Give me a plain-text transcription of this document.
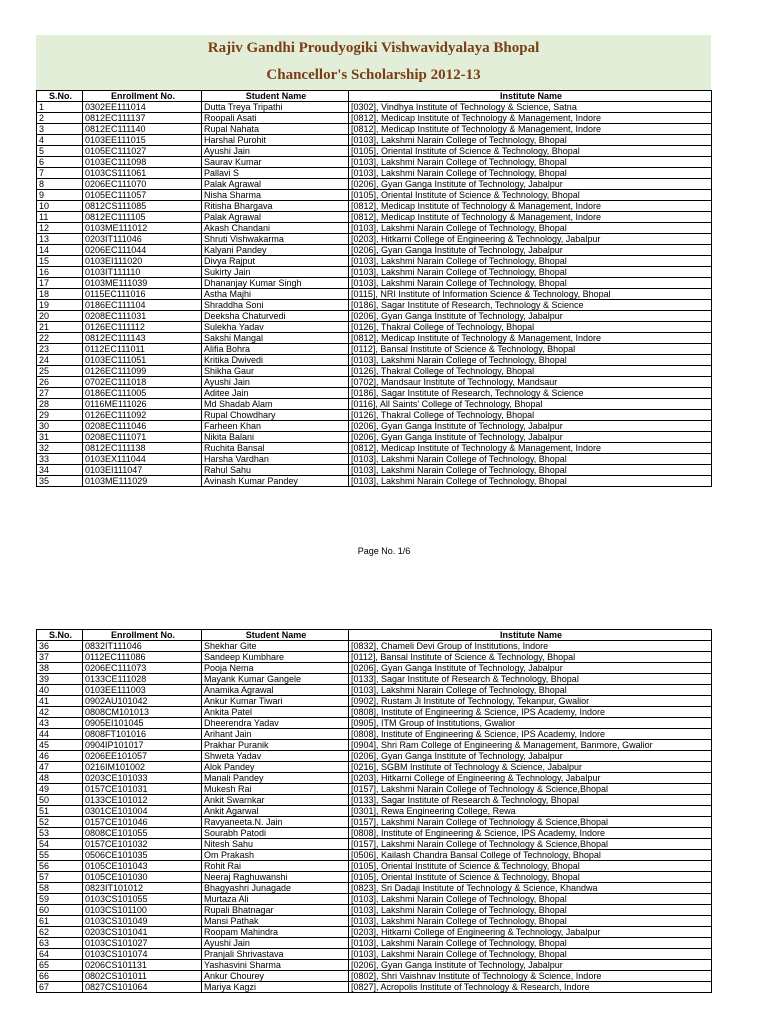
Rajiv Gandhi Proudyogiki Vishwavidyalaya Bhopal
Chancellor's Scholarship 2012-13
S.No.	Enrollment No.	Student Name	Institute Name
1	0302EE111014	Dutta Treya Tripathi	[0302], Vindhya Institute of Technology & Science, Satna
2	0812EC111137	Roopali Asati	[0812], Medicap Institute of Technology & Management, Indore
3	0812EC111140	Rupal Nahata	[0812], Medicap Institute of Technology & Management, Indore
4	0103EE111015	Harshal Purohit	[0103], Lakshmi Narain College of Technology, Bhopal
5	0105EC111027	Ayushi Jain	[0105], Oriental Institute of Science & Technology, Bhopal
6	0103EC111098	Saurav Kumar	[0103], Lakshmi Narain College of Technology, Bhopal
7	0103CS111061	Pallavi S	[0103], Lakshmi Narain College of Technology, Bhopal
8	0206EC111070	Palak Agrawal	[0206], Gyan Ganga Institute of Technology, Jabalpur
9	0105EC111057	Nisha Sharma	[0105], Oriental Institute of Science & Technology, Bhopal
10	0812CS111085	Ritisha Bhargava	[0812], Medicap Institute of Technology & Management, Indore
11	0812EC111105	Palak Agrawal	[0812], Medicap Institute of Technology & Management, Indore
12	0103ME111012	Akash Chandani	[0103], Lakshmi Narain College of Technology, Bhopal
13	0203IT111046	Shruti Vishwakarma	[0203], Hitkarni College of Engineering & Technology, Jabalpur
14	0206EC111044	Kalyani Pandey	[0206], Gyan Ganga Institute of Technology, Jabalpur
15	0103EI111020	Divya Rajput	[0103], Lakshmi Narain College of Technology, Bhopal
16	0103IT111110	Sukirty Jain	[0103], Lakshmi Narain College of Technology, Bhopal
17	0103ME111039	Dhananjay Kumar Singh	[0103], Lakshmi Narain College of Technology, Bhopal
18	0115EC111016	Astha Majhi	[0115], NRI Institute of Information Science & Technology, Bhopal
19	0186EC111104	Shraddha Soni	[0186], Sagar Institute of Research, Technology & Science
20	0208EC111031	Deeksha Chaturvedi	[0206], Gyan Ganga Institute of Technology, Jabalpur
21	0126EC111112	Sulekha Yadav	[0126], Thakral College of Technology, Bhopal
22	0812EC111143	Sakshi Mangal	[0812], Medicap Institute of Technology & Management, Indore
23	0112EC111011	Alifia Bohra	[0112], Bansal Institute of Science & Technology, Bhopal
24	0103EC111051	Kritika Dwivedi	[0103], Lakshmi Narain College of Technology, Bhopal
25	0126EC111099	Shikha Gaur	[0126], Thakral College of Technology, Bhopal
26	0702EC111018	Ayushi Jain	[0702], Mandsaur Institute of Technology, Mandsaur
27	0186EC111005	Aditee Jain	[0186], Sagar Institute of Research, Technology & Science
28	0116ME111026	Md Shadab Alam	[0116], All Saints' College of Technology, Bhopal
29	0126EC111092	Rupal Chowdhary	[0126], Thakral College of Technology, Bhopal
30	0208EC111046	Farheen Khan	[0206], Gyan Ganga Institute of Technology, Jabalpur
31	0208EC111071	Nikita Balani	[0206], Gyan Ganga Institute of Technology, Jabalpur
32	0812EC111138	Ruchita Bansal	[0812], Medicap Institute of Technology & Management, Indore
33	0103EX111044	Harsha Vardhan	[0103], Lakshmi Narain College of Technology, Bhopal
34	0103EI111047	Rahul Sahu	[0103], Lakshmi Narain College of Technology, Bhopal
35	0103ME111029	Avinash Kumar Pandey	[0103], Lakshmi Narain College of Technology, Bhopal
Page No. 1/6
S.No.	Enrollment No.	Student Name	Institute Name
36	0832IT111046	Shekhar Gite	[0832], Chameli Devi Group of Institutions, Indore
37	0112EC111086	Sandeep Kumbhare	[0112], Bansal Institute of Science & Technology, Bhopal
38	0206EC111073	Pooja Nema	[0206], Gyan Ganga Institute of Technology, Jabalpur
39	0133CE111028	Mayank Kumar Gangele	[0133], Sagar Institute of Research & Technology, Bhopal
40	0103EE111003	Anamika Agrawal	[0103], Lakshmi Narain College of Technology, Bhopal
41	0902AU101042	Ankur Kumar Tiwari	[0902], Rustam Ji Institute of Technology, Tekanpur, Gwalior
42	0808CM101013	Ankita Patel	[0808], Institute of Engineering & Science, IPS Academy, Indore
43	0905EI101045	Dheerendra Yadav	[0905], ITM Group of Institutions, Gwalior
44	0808FT101016	Arihant Jain	[0808], Institute of Engineering & Science, IPS Academy, Indore
45	0904IP101017	Prakhar Puranik	[0904], Shri Ram College of Engineering & Management, Banmore, Gwalior
46	0206EE101057	Shweta Yadav	[0206], Gyan Ganga Institute of Technology, Jabalpur
47	0216IM101002	Alok Pandey	[0216], SGBM Institute of Technology & Science, Jabalpur
48	0203CE101033	Manali Pandey	[0203], Hitkarni College of Engineering & Technology, Jabalpur
49	0157CE101031	Mukesh Rai	[0157], Lakshmi Narain College of Technology & Science,Bhopal
50	0133CE101012	Ankit Swarnkar	[0133], Sagar Institute of Research & Technology, Bhopal
51	0301CE101004	Ankit Agarwal	[0301], Rewa Engineering College, Rewa
52	0157CE101046	Ravyaneeta.N. Jain	[0157], Lakshmi Narain College of Technology & Science,Bhopal
53	0808CE101055	Sourabh Patodi	[0808], Institute of Engineering & Science, IPS Academy, Indore
54	0157CE101032	Nitesh Sahu	[0157], Lakshmi Narain College of Technology & Science,Bhopal
55	0506CE101035	Om Prakash	[0506], Kailash Chandra Bansal College of Technology, Bhopal
56	0105CE101043	Rohit Rai	[0105], Oriental Institute of Science & Technology, Bhopal
57	0105CE101030	Neeraj Raghuwanshi	[0105], Oriental Institute of Science & Technology, Bhopal
58	0823IT101012	Bhagyashri Junagade	[0823], Sri Dadaji Institute of Technology & Science, Khandwa
59	0103CS101055	Murtaza Ali	[0103], Lakshmi Narain College of Technology, Bhopal
60	0103CS101100	Rupali Bhatnagar	[0103], Lakshmi Narain College of Technology, Bhopal
61	0103CS101049	Mansi Pathak	[0103], Lakshmi Narain College of Technology, Bhopal
62	0203CS101041	Roopam Mahindra	[0203], Hitkarni College of Engineering & Technology, Jabalpur
63	0103CS101027	Ayushi Jain	[0103], Lakshmi Narain College of Technology, Bhopal
64	0103CS101074	Pranjali Shrivastava	[0103], Lakshmi Narain College of Technology, Bhopal
65	0206CS101131	Yashasvini Sharma	[0206], Gyan Ganga Institute of Technology, Jabalpur
66	0802CS101011	Ankur Chourey	[0802], Shri Vaishnav Institute of Technology & Science, Indore
67	0827CS101064	Mariya Kagzi	[0827], Acropolis Institute of Technology & Research, Indore
